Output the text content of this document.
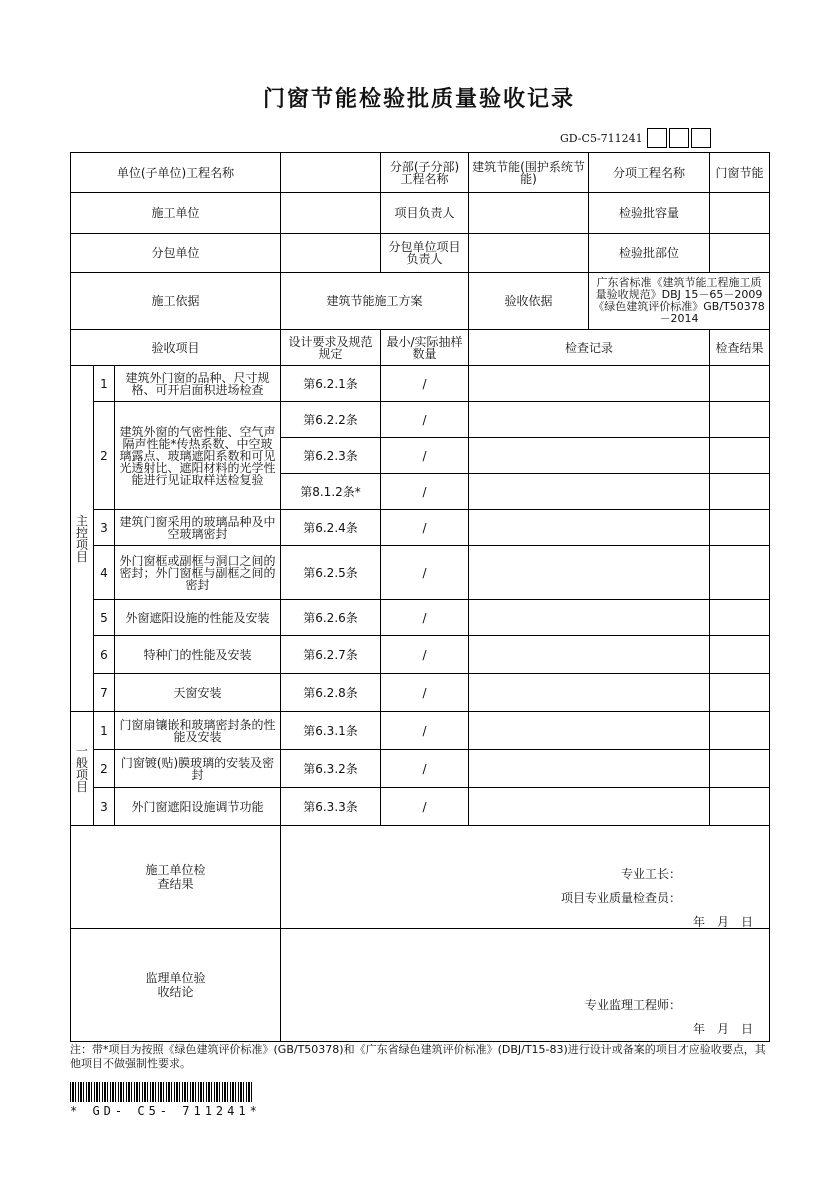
门窗节能检验批质量验收记录
GD-C5-711241
单位(子单位)工程名称				分部(子分部)工程名称	建筑节能(围护系统节能)	分项工程名称	门窗节能
施工单位				项目负责人		检验批容量	
分包单位				分包单位项目负责人		检验批部位	
施工依据			建筑节能施工方案		验收依据	广东省标准《建筑节能工程施工质量验收规范》DBJ 15－65－2009《绿色建筑评价标准》GB/T50378－2014	
验收项目			设计要求及规范规定	最小/实际抽样数量	检查记录		检查结果
主控项目	1	建筑外门窗的品种、尺寸规格、可开启面积进场检查	第6.2.1条	/			
	2	建筑外窗的气密性能、空气声隔声性能*传热系数、中空玻璃露点、玻璃遮阳系数和可见光透射比、遮阳材料的光学性能进行见证取样送检复验	第6.2.2条	/			
			第6.2.3条	/			
			第8.1.2条*	/			
	3	建筑门窗采用的玻璃品种及中空玻璃密封	第6.2.4条	/			
	4	外门窗框或副框与洞口之间的密封；外门窗框与副框之间的密封	第6.2.5条	/			
	5	外窗遮阳设施的性能及安装	第6.2.6条	/			
	6	特种门的性能及安装	第6.2.7条	/			
	7	天窗安装	第6.2.8条	/			
一般项目	1	门窗扇镶嵌和玻璃密封条的性能及安装	第6.3.1条	/			
	2	门窗镀(贴)膜玻璃的安装及密封	第6.3.2条	/			
	3	外门窗遮阳设施调节功能	第6.3.3条	/			

施工单位检查结果			专业工长：
项目专业质量检查员：
年　月　日				

监理单位验收结论			专业监理工程师：
年　月　日				
注：带*项目为按照《绿色建筑评价标准》(GB/T50378)和《广东省绿色建筑评价标准》(DBJ/T15-83)进行设计或备案的项目才应验收要点，其他项目不做强制性要求。
* GD- C5- 711241*
